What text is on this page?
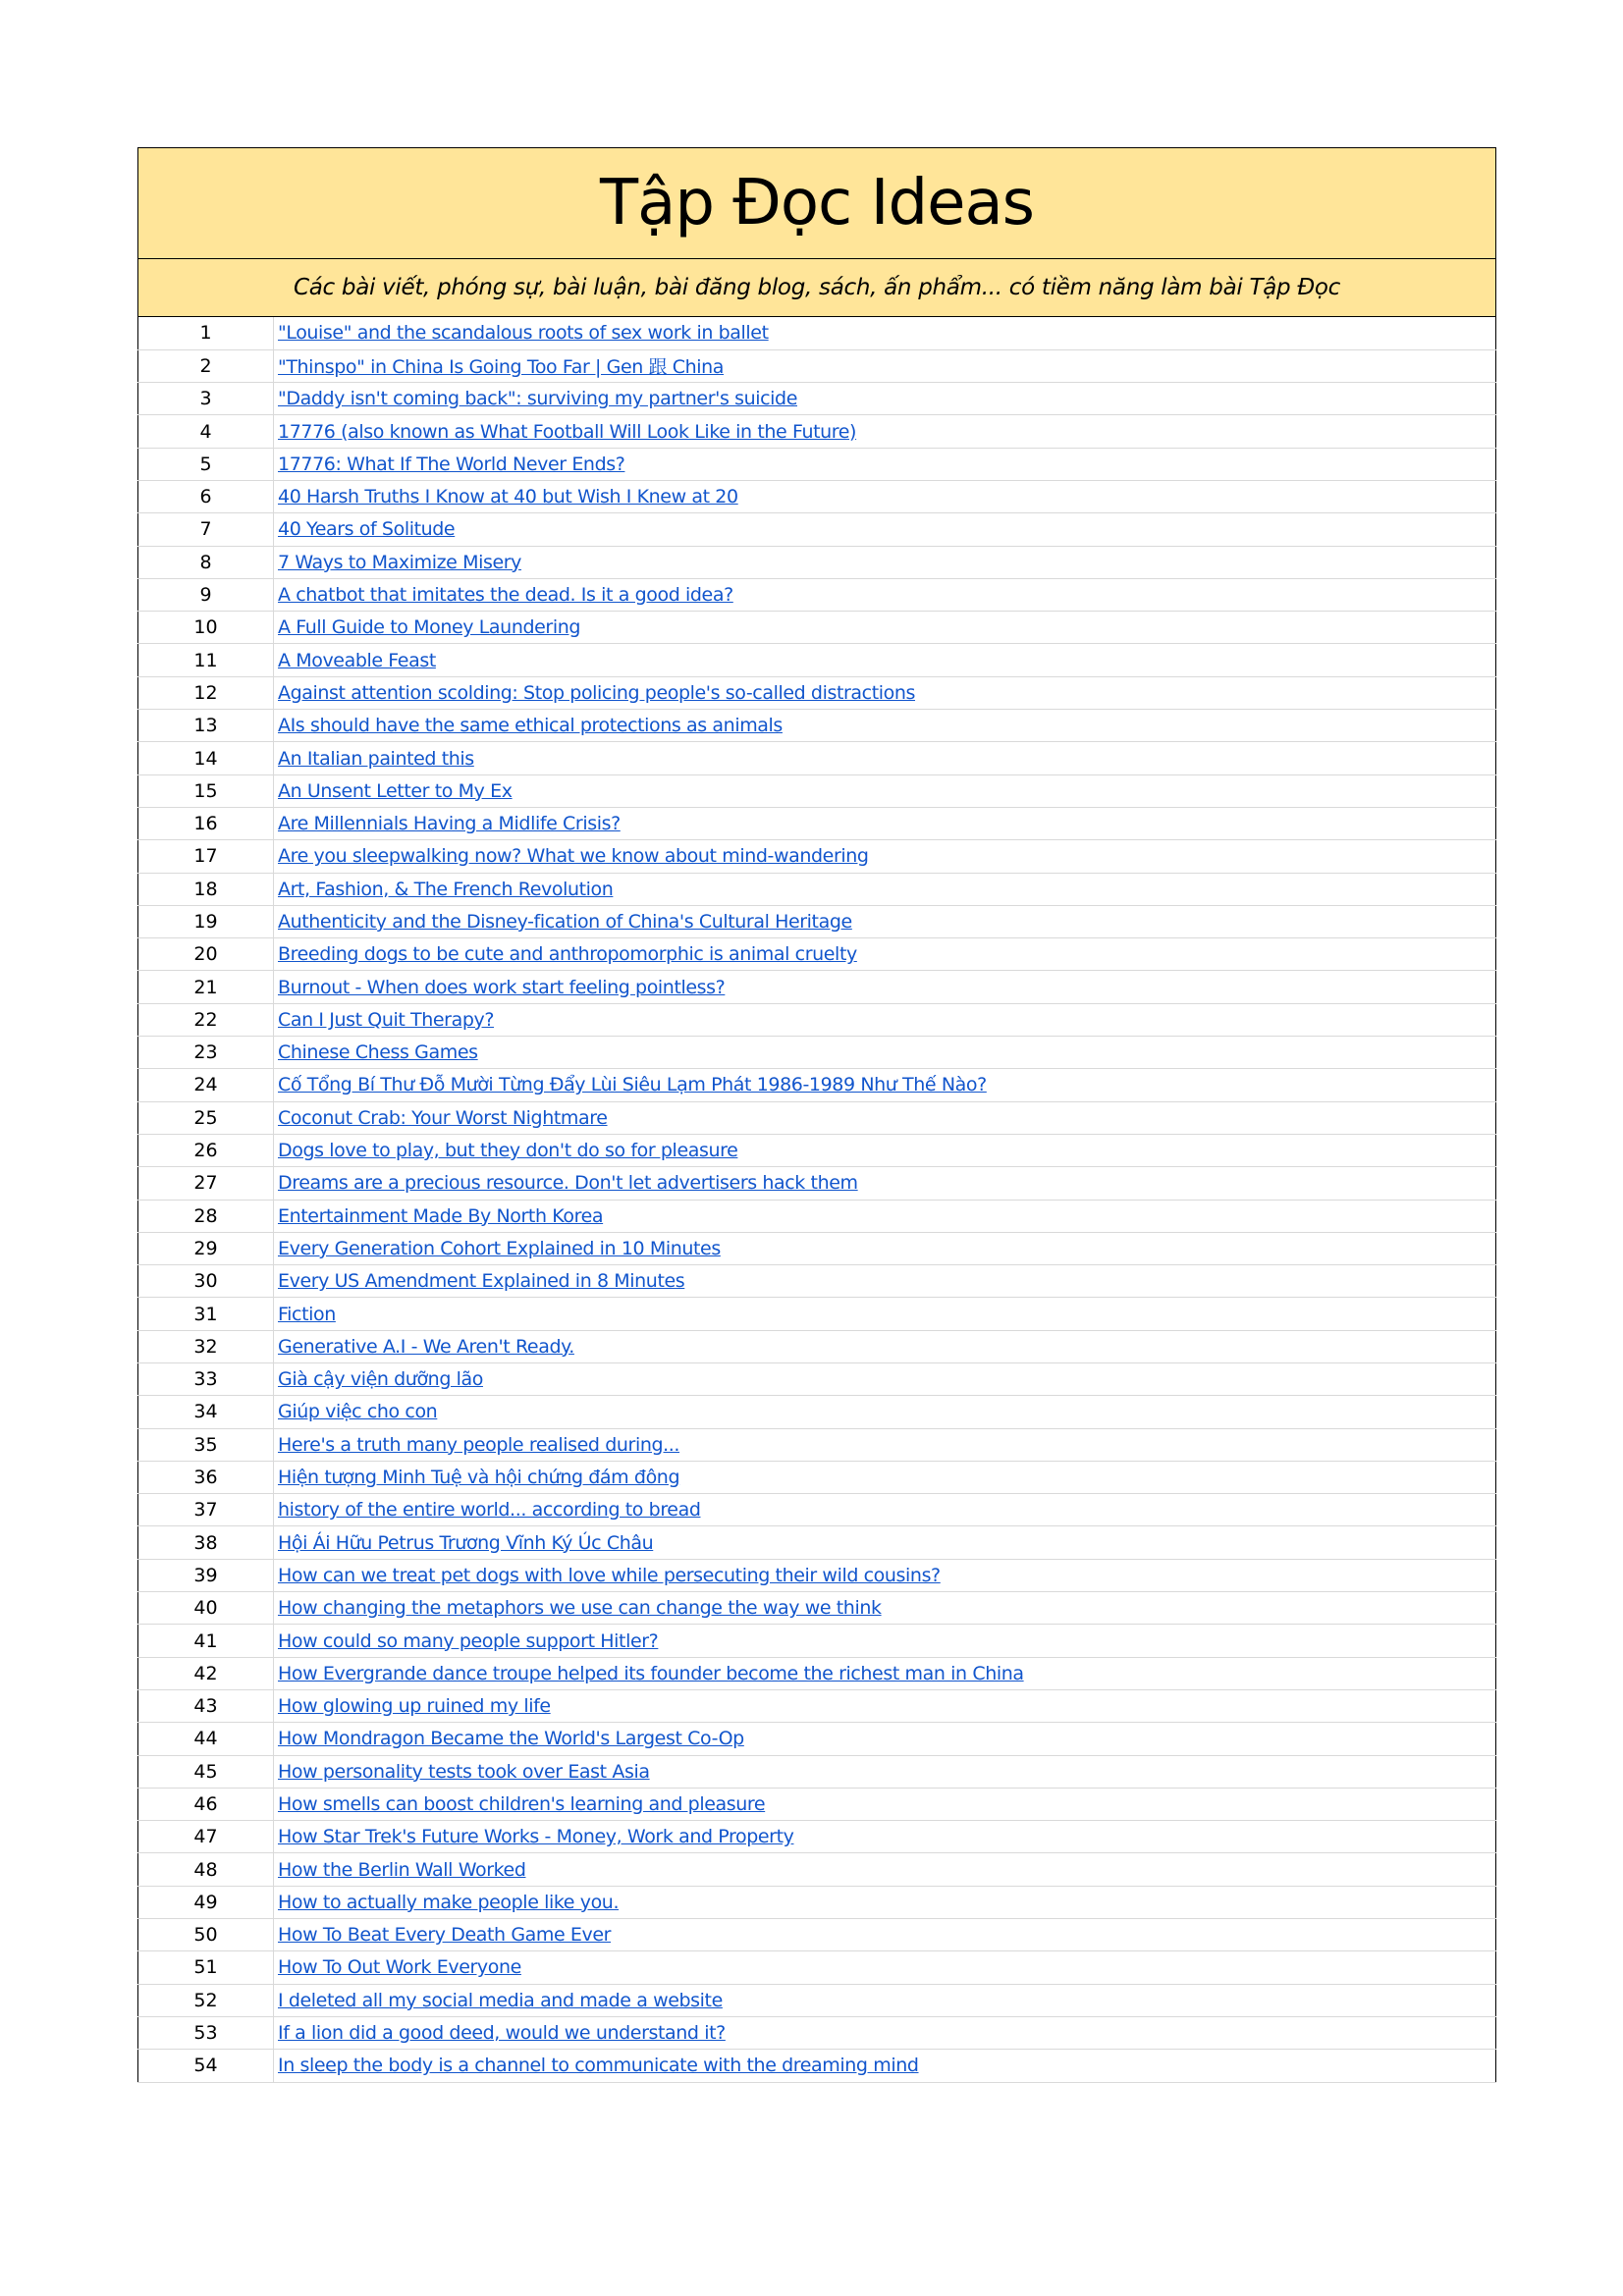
Tập Đọc Ideas

Các bài viết, phóng sự, bài luận, bài đăng blog, sách, ấn phẩm... có tiềm năng làm bài Tập Đọc

1	"Louise" and the scandalous roots of sex work in ballet
2	"Thinspo" in China Is Going Too Far | Gen 跟 China
3	"Daddy isn't coming back": surviving my partner's suicide
4	17776 (also known as What Football Will Look Like in the Future)
5	17776: What If The World Never Ends?
6	40 Harsh Truths I Know at 40 but Wish I Knew at 20
7	40 Years of Solitude
8	7 Ways to Maximize Misery
9	A chatbot that imitates the dead. Is it a good idea?
10	A Full Guide to Money Laundering
11	A Moveable Feast
12	Against attention scolding: Stop policing people's so-called distractions
13	AIs should have the same ethical protections as animals
14	An Italian painted this
15	An Unsent Letter to My Ex
16	Are Millennials Having a Midlife Crisis?
17	Are you sleepwalking now? What we know about mind-wandering
18	Art, Fashion, & The French Revolution
19	Authenticity and the Disney-fication of China's Cultural Heritage
20	Breeding dogs to be cute and anthropomorphic is animal cruelty
21	Burnout - When does work start feeling pointless?
22	Can I Just Quit Therapy?
23	Chinese Chess Games
24	Cố Tổng Bí Thư Đỗ Mười Từng Đẩy Lùi Siêu Lạm Phát 1986-1989 Như Thế Nào?
25	Coconut Crab: Your Worst Nightmare
26	Dogs love to play, but they don't do so for pleasure
27	Dreams are a precious resource. Don't let advertisers hack them
28	Entertainment Made By North Korea
29	Every Generation Cohort Explained in 10 Minutes
30	Every US Amendment Explained in 8 Minutes
31	Fiction
32	Generative A.I - We Aren't Ready.
33	Già cậy viện dưỡng lão
34	Giúp việc cho con
35	Here's a truth many people realised during...
36	Hiện tượng Minh Tuệ và hội chứng đám đông
37	history of the entire world... according to bread
38	Hội Ái Hữu Petrus Trương Vĩnh Ký Úc Châu
39	How can we treat pet dogs with love while persecuting their wild cousins?
40	How changing the metaphors we use can change the way we think
41	How could so many people support Hitler?
42	How Evergrande dance troupe helped its founder become the richest man in China
43	How glowing up ruined my life
44	How Mondragon Became the World's Largest Co-Op
45	How personality tests took over East Asia
46	How smells can boost children's learning and pleasure
47	How Star Trek's Future Works - Money, Work and Property
48	How the Berlin Wall Worked
49	How to actually make people like you.
50	How To Beat Every Death Game Ever
51	How To Out Work Everyone
52	I deleted all my social media and made a website
53	If a lion did a good deed, would we understand it?
54	In sleep the body is a channel to communicate with the dreaming mind
